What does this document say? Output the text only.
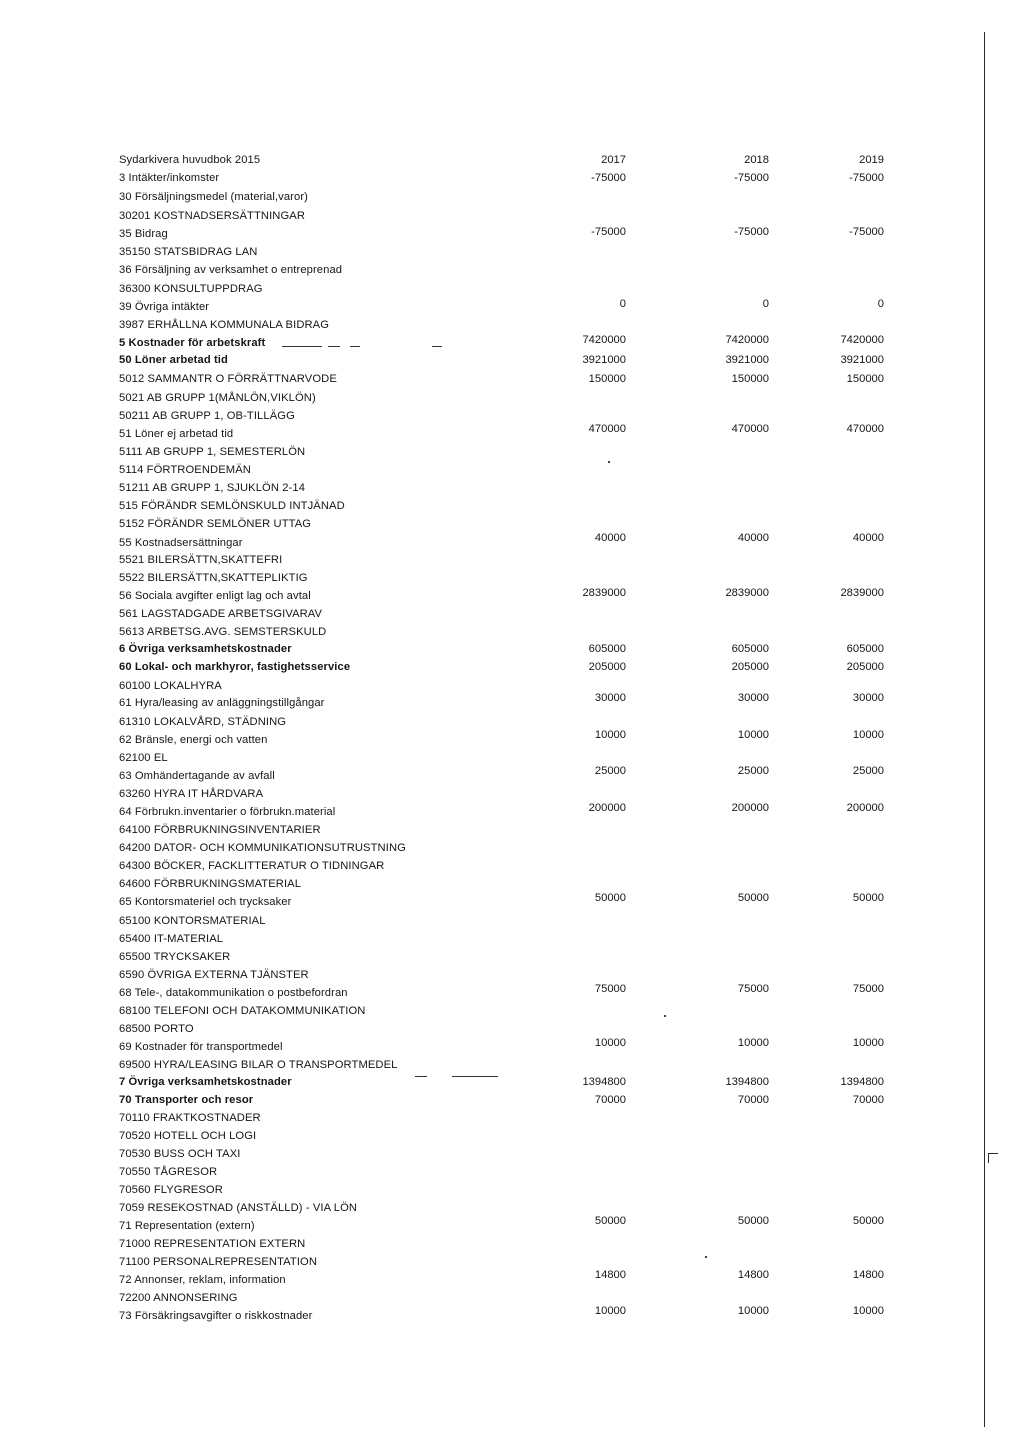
Sydarkivera huvudbok 2015	2017	2018	2019
3 Intäkter/inkomster	-75000	-75000	-75000
30 Försäljningsmedel (material,varor)
30201 KOSTNADSERSÄTTNINGAR
35 Bidrag	-75000	-75000	-75000
35150 STATSBIDRAG LAN
36 Försäljning av verksamhet o entreprenad
36300 KONSULTUPPDRAG
39 Övriga intäkter	0	0	0
3987 ERHÅLLNA KOMMUNALA BIDRAG
5 Kostnader för arbetskraft	7420000	7420000	7420000
50 Löner arbetad tid	3921000	3921000	3921000
5012 SAMMANTR O FÖRRÄTTNARVODE	150000	150000	150000
5021 AB GRUPP 1(MÅNLÖN,VIKLÖN)
50211 AB GRUPP 1, OB-TILLÄGG
51 Löner ej arbetad tid	470000	470000	470000
5111 AB GRUPP 1, SEMESTERLÖN
5114 FÖRTROENDEMÄN
51211 AB GRUPP 1, SJUKLÖN 2-14
515 FÖRÄNDR SEMLÖNSKULD INTJÄNAD
5152 FÖRÄNDR SEMLÖNER UTTAG
55 Kostnadsersättningar	40000	40000	40000
5521 BILERSÄTTN,SKATTEFRI
5522 BILERSÄTTN,SKATTEPLIKTIG
56 Sociala avgifter enligt lag och avtal	2839000	2839000	2839000
561 LAGSTADGADE ARBETSGIVARAV
5613 ARBETSG.AVG. SEMSTERSKULD
6 Övriga verksamhetskostnader	605000	605000	605000
60 Lokal- och markhyror, fastighetsservice	205000	205000	205000
60100 LOKALHYRA
61 Hyra/leasing av anläggningstillgångar	30000	30000	30000
61310 LOKALVÅRD, STÄDNING
62 Bränsle, energi och vatten	10000	10000	10000
62100 EL
63 Omhändertagande av avfall	25000	25000	25000
63260 HYRA IT HÅRDVARA
64 Förbrukn.inventarier o förbrukn.material	200000	200000	200000
64100 FÖRBRUKNINGSINVENTARIER
64200 DATOR- OCH KOMMUNIKATIONSUTRUSTNING
64300 BÖCKER, FACKLITTERATUR O TIDNINGAR
64600 FÖRBRUKNINGSMATERIAL
65 Kontorsmateriel och trycksaker	50000	50000	50000
65100 KONTORSMATERIAL
65400 IT-MATERIAL
65500 TRYCKSAKER
6590 ÖVRIGA EXTERNA TJÄNSTER
68 Tele-, datakommunikation o postbefordran	75000	75000	75000
68100 TELEFONI OCH DATAKOMMUNIKATION
68500 PORTO
69 Kostnader för transportmedel	10000	10000	10000
69500 HYRA/LEASING BILAR O TRANSPORTMEDEL
7 Övriga verksamhetskostnader	1394800	1394800	1394800
70 Transporter och resor	70000	70000	70000
70110 FRAKTKOSTNADER
70520 HOTELL OCH LOGI
70530 BUSS OCH TAXI
70550 TÅGRESOR
70560 FLYGRESOR
7059 RESEKOSTNAD (ANSTÄLLD) - VIA LÖN
71 Representation (extern)	50000	50000	50000
71000 REPRESENTATION EXTERN
71100 PERSONALREPRESENTATION
72 Annonser, reklam, information	14800	14800	14800
72200 ANNONSERING
73 Försäkringsavgifter o riskkostnader	10000	10000	10000
